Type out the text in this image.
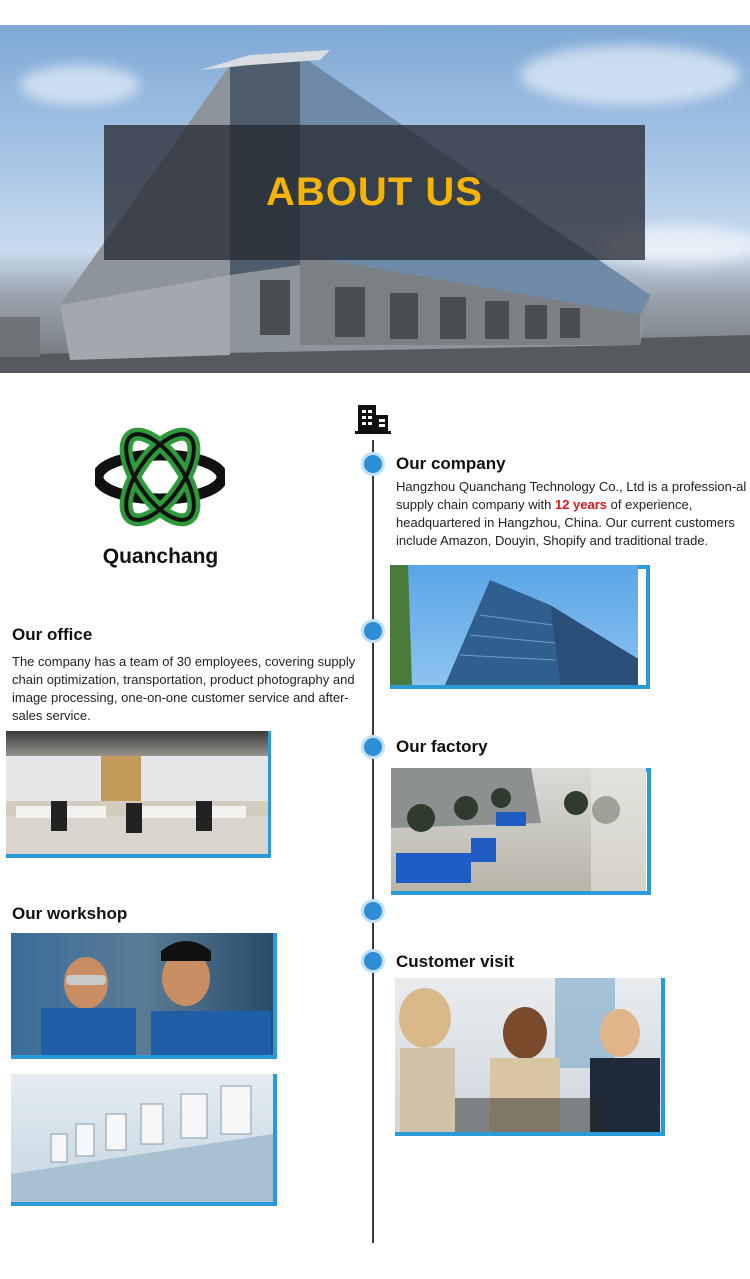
ABOUT US
Quanchang
Our company
Hangzhou Quanchang Technology Co., Ltd is a profession-al supply chain company with 12 years of experience, headquartered in Hangzhou, China. Our current customers include Amazon, Douyin, Shopify and traditional trade.
Our office
The company has a team of 30 employees, covering supply chain optimization, transportation, product photography and image processing, one-on-one customer service and after-sales service.
Our factory
Our workshop
Customer visit
